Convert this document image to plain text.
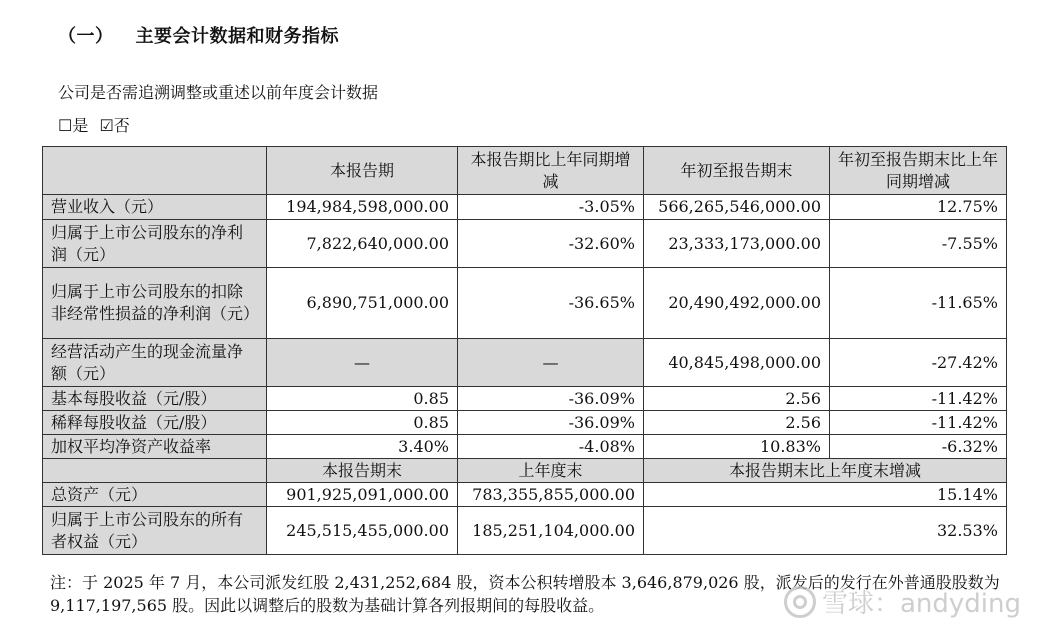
（一） 主要会计数据和财务指标
公司是否需追溯调整或重述以前年度会计数据
☐是 ☑否
	本报告期	本报告期比上年同期增减	年初至报告期末	年初至报告期末比上年同期增减
营业收入（元）	194,984,598,000.00	-3.05%	566,265,546,000.00	12.75%
归属于上市公司股东的净利润（元）	7,822,640,000.00	-32.60%	23,333,173,000.00	-7.55%
归属于上市公司股东的扣除非经常性损益的净利润（元）	6,890,751,000.00	-36.65%	20,490,492,000.00	-11.65%
经营活动产生的现金流量净额（元）	—	—	40,845,498,000.00	-27.42%
基本每股收益（元/股）	0.85	-36.09%	2.56	-11.42%
稀释每股收益（元/股）	0.85	-36.09%	2.56	-11.42%
加权平均净资产收益率	3.40%	-4.08%	10.83%	-6.32%
	本报告期末	上年度末	本报告期末比上年度末增减	
总资产（元）	901,925,091,000.00	783,355,855,000.00	15.14%	
归属于上市公司股东的所有者权益（元）	245,515,455,000.00	185,251,104,000.00	32.53%	
注：于 2025 年 7 月，本公司派发红股 2,431,252,684 股，资本公积转增股本 3,646,879,026 股，派发后的发行在外普通股股数为 9,117,197,565 股。因此以调整后的股数为基础计算各列报期间的每股收益。	雪球：andyding
